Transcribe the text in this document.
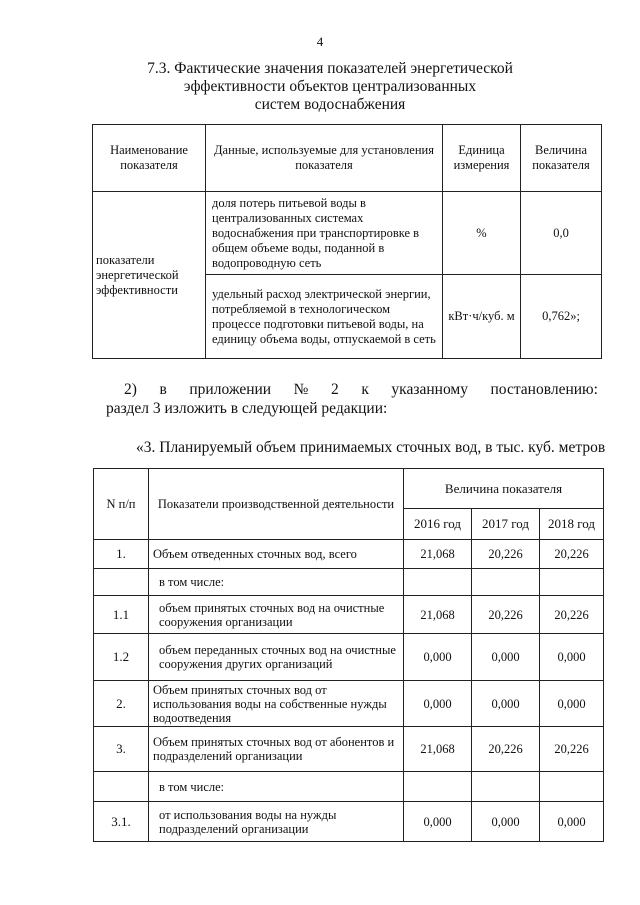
4
7.3. Фактические значения показателей энергетической
эффективности объектов централизованных
систем водоснабжения
Наименование показателя	Данные, используемые для установления показателя	Единица измерения	Величина показателя
показатели энергетической эффективности	доля потерь питьевой воды в централизованных системах водоснабжения при транспортировке в общем объеме воды, поданной в водопроводную сеть	%	0,0
	удельный расход электрической энергии, потребляемой в технологическом процессе подготовки питьевой воды, на единицу объема воды, отпускаемой в сеть	кВт·ч/куб. м	0,762»;
2) в приложении № 2 к указанному постановлению:
раздел 3 изложить в следующей редакции:
«3. Планируемый объем принимаемых сточных вод, в тыс. куб. метров
N п/п	Показатели производственной деятельности	Величина показателя		
		2016 год	2017 год	2018 год
1.	Объем отведенных сточных вод, всего	21,068	20,226	20,226
	в том числе:			
1.1	объем принятых сточных вод на очистные сооружения организации	21,068	20,226	20,226
1.2	объем переданных сточных вод на очистные сооружения других организаций	0,000	0,000	0,000
2.	Объем принятых сточных вод от использования воды на собственные нужды водоотведения	0,000	0,000	0,000
3.	Объем принятых сточных вод от абонентов и подразделений организации	21,068	20,226	20,226
	в том числе:			
3.1.	от использования воды на нужды подразделений организации	0,000	0,000	0,000
